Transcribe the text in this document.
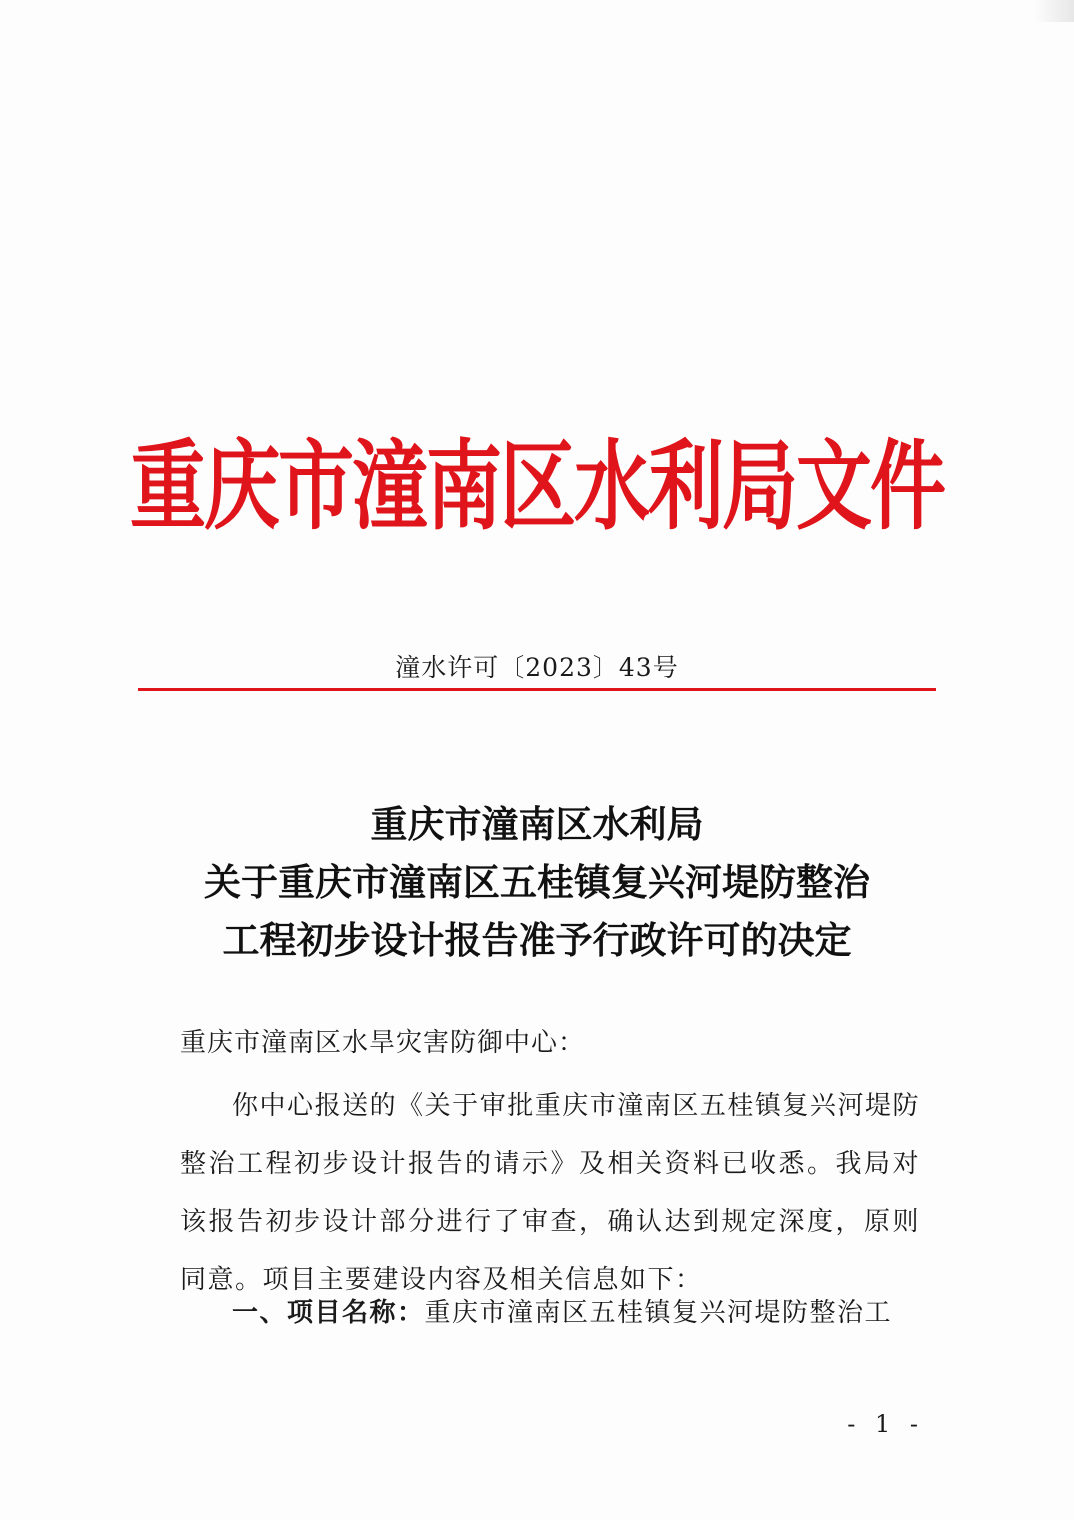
重庆市潼南区水利局文件
潼水许可〔2023〕43号
重庆市潼南区水利局
关于重庆市潼南区五桂镇复兴河堤防整治
工程初步设计报告准予行政许可的决定
重庆市潼南区水旱灾害防御中心：
你中心报送的《关于审批重庆市潼南区五桂镇复兴河堤防整治工程初步设计报告的请示》及相关资料已收悉。我局对该报告初步设计部分进行了审查，确认达到规定深度，原则同意。项目主要建设内容及相关信息如下：
一、项目名称：重庆市潼南区五桂镇复兴河堤防整治工
- 1 -
